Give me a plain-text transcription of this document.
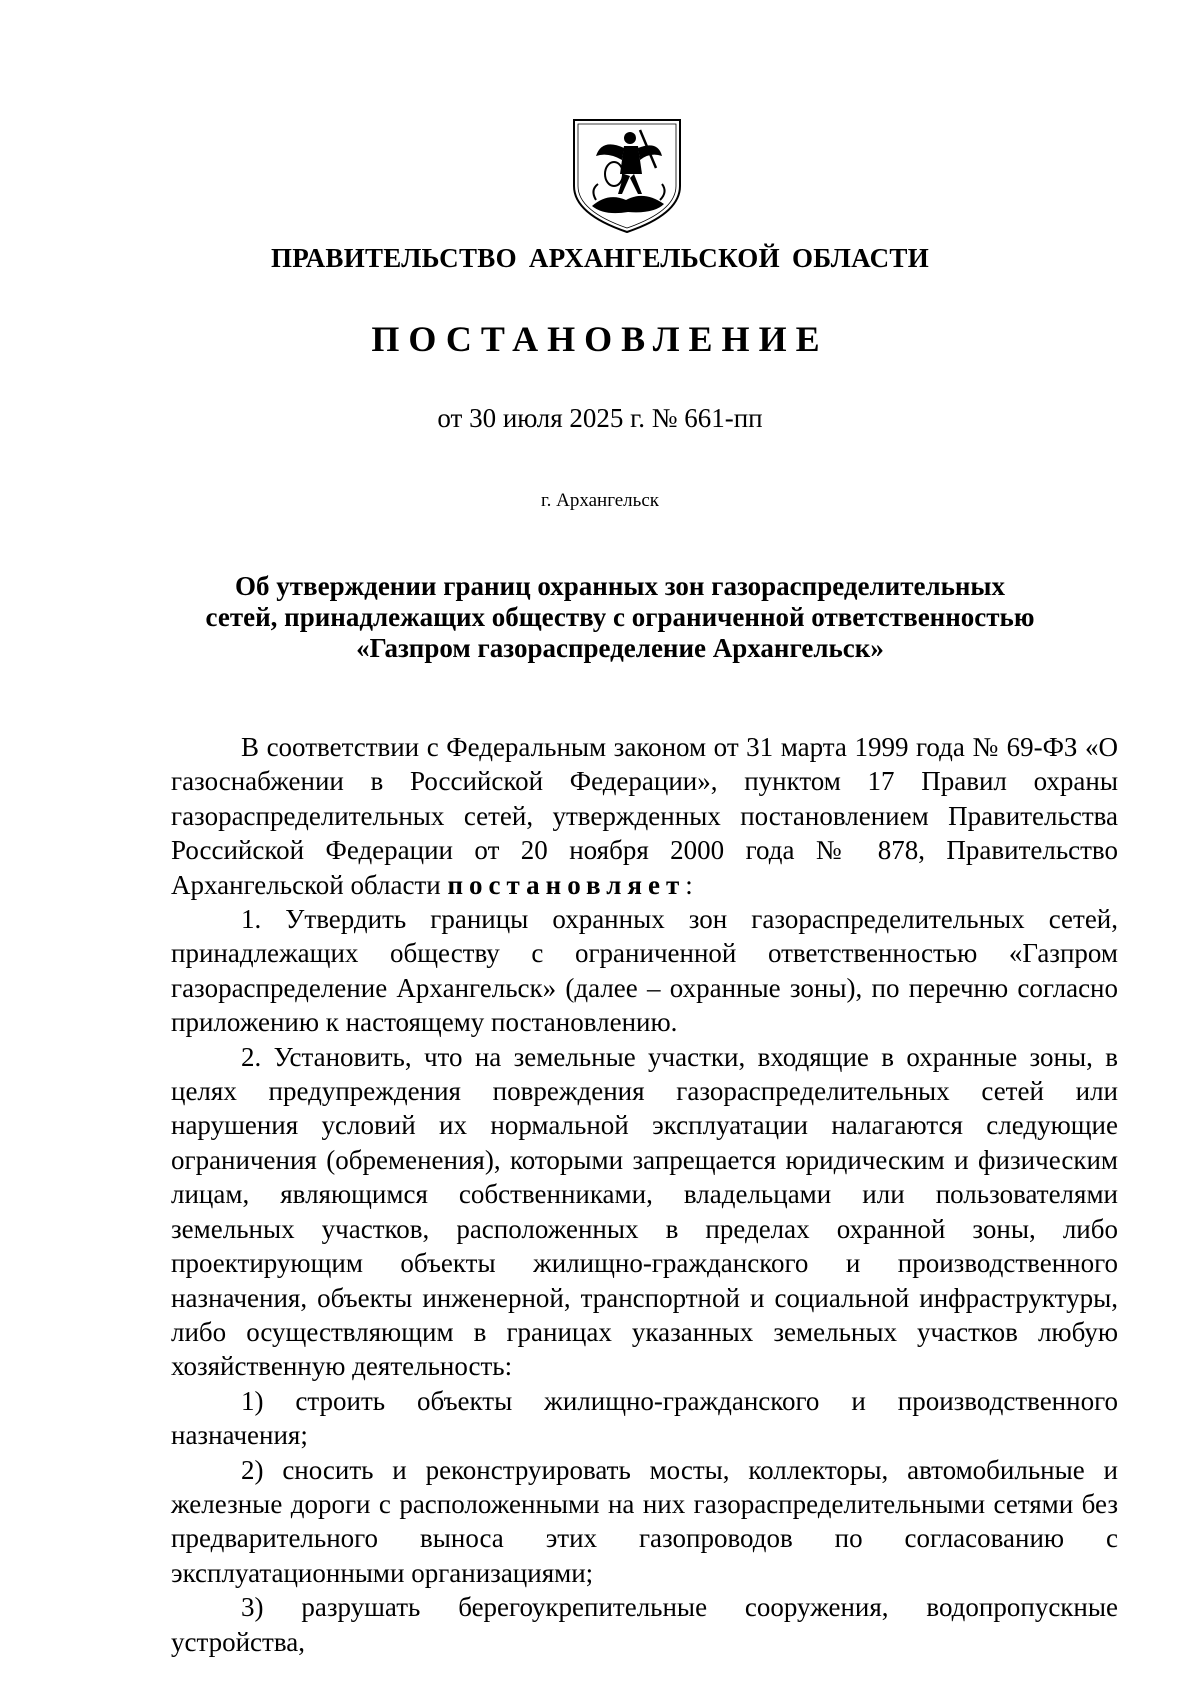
ПРАВИТЕЛЬСТВО АРХАНГЕЛЬСКОЙ ОБЛАСТИ
ПОСТАНОВЛЕНИЕ
от 30 июля 2025 г. № 661-пп
г. Архангельск
Об утверждении границ охранных зон газораспределительных
сетей, принадлежащих обществу с ограниченной ответственностью
«Газпром газораспределение Архангельск»

В соответствии с Федеральным законом от 31 марта 1999 года № 69-ФЗ «О газоснабжении в Российской Федерации», пунктом 17 Правил охраны газораспределительных сетей, утвержденных постановлением Правительства Российской Федерации от 20 ноября 2000 года № 878, Правительство Архангельской области постановляет:

1. Утвердить границы охранных зон газораспределительных сетей, принадлежащих обществу с ограниченной ответственностью «Газпром газораспределение Архангельск» (далее – охранные зоны), по перечню согласно приложению к настоящему постановлению.

2. Установить, что на земельные участки, входящие в охранные зоны, в целях предупреждения повреждения газораспределительных сетей или нарушения условий их нормальной эксплуатации налагаются следующие ограничения (обременения), которыми запрещается юридическим и физическим лицам, являющимся собственниками, владельцами или пользователями земельных участков, расположенных в пределах охранной зоны, либо проектирующим объекты жилищно-гражданского и производственного назначения, объекты инженерной, транспортной и социальной инфраструктуры, либо осуществляющим в границах указанных земельных участков любую хозяйственную деятельность:

1) строить объекты жилищно-гражданского и производственного назначения;

2) сносить и реконструировать мосты, коллекторы, автомобильные и железные дороги с расположенными на них газораспределительными сетями без предварительного выноса этих газопроводов по согласованию с эксплуатационными организациями;

3) разрушать берегоукрепительные сооружения, водопропускные устройства,
